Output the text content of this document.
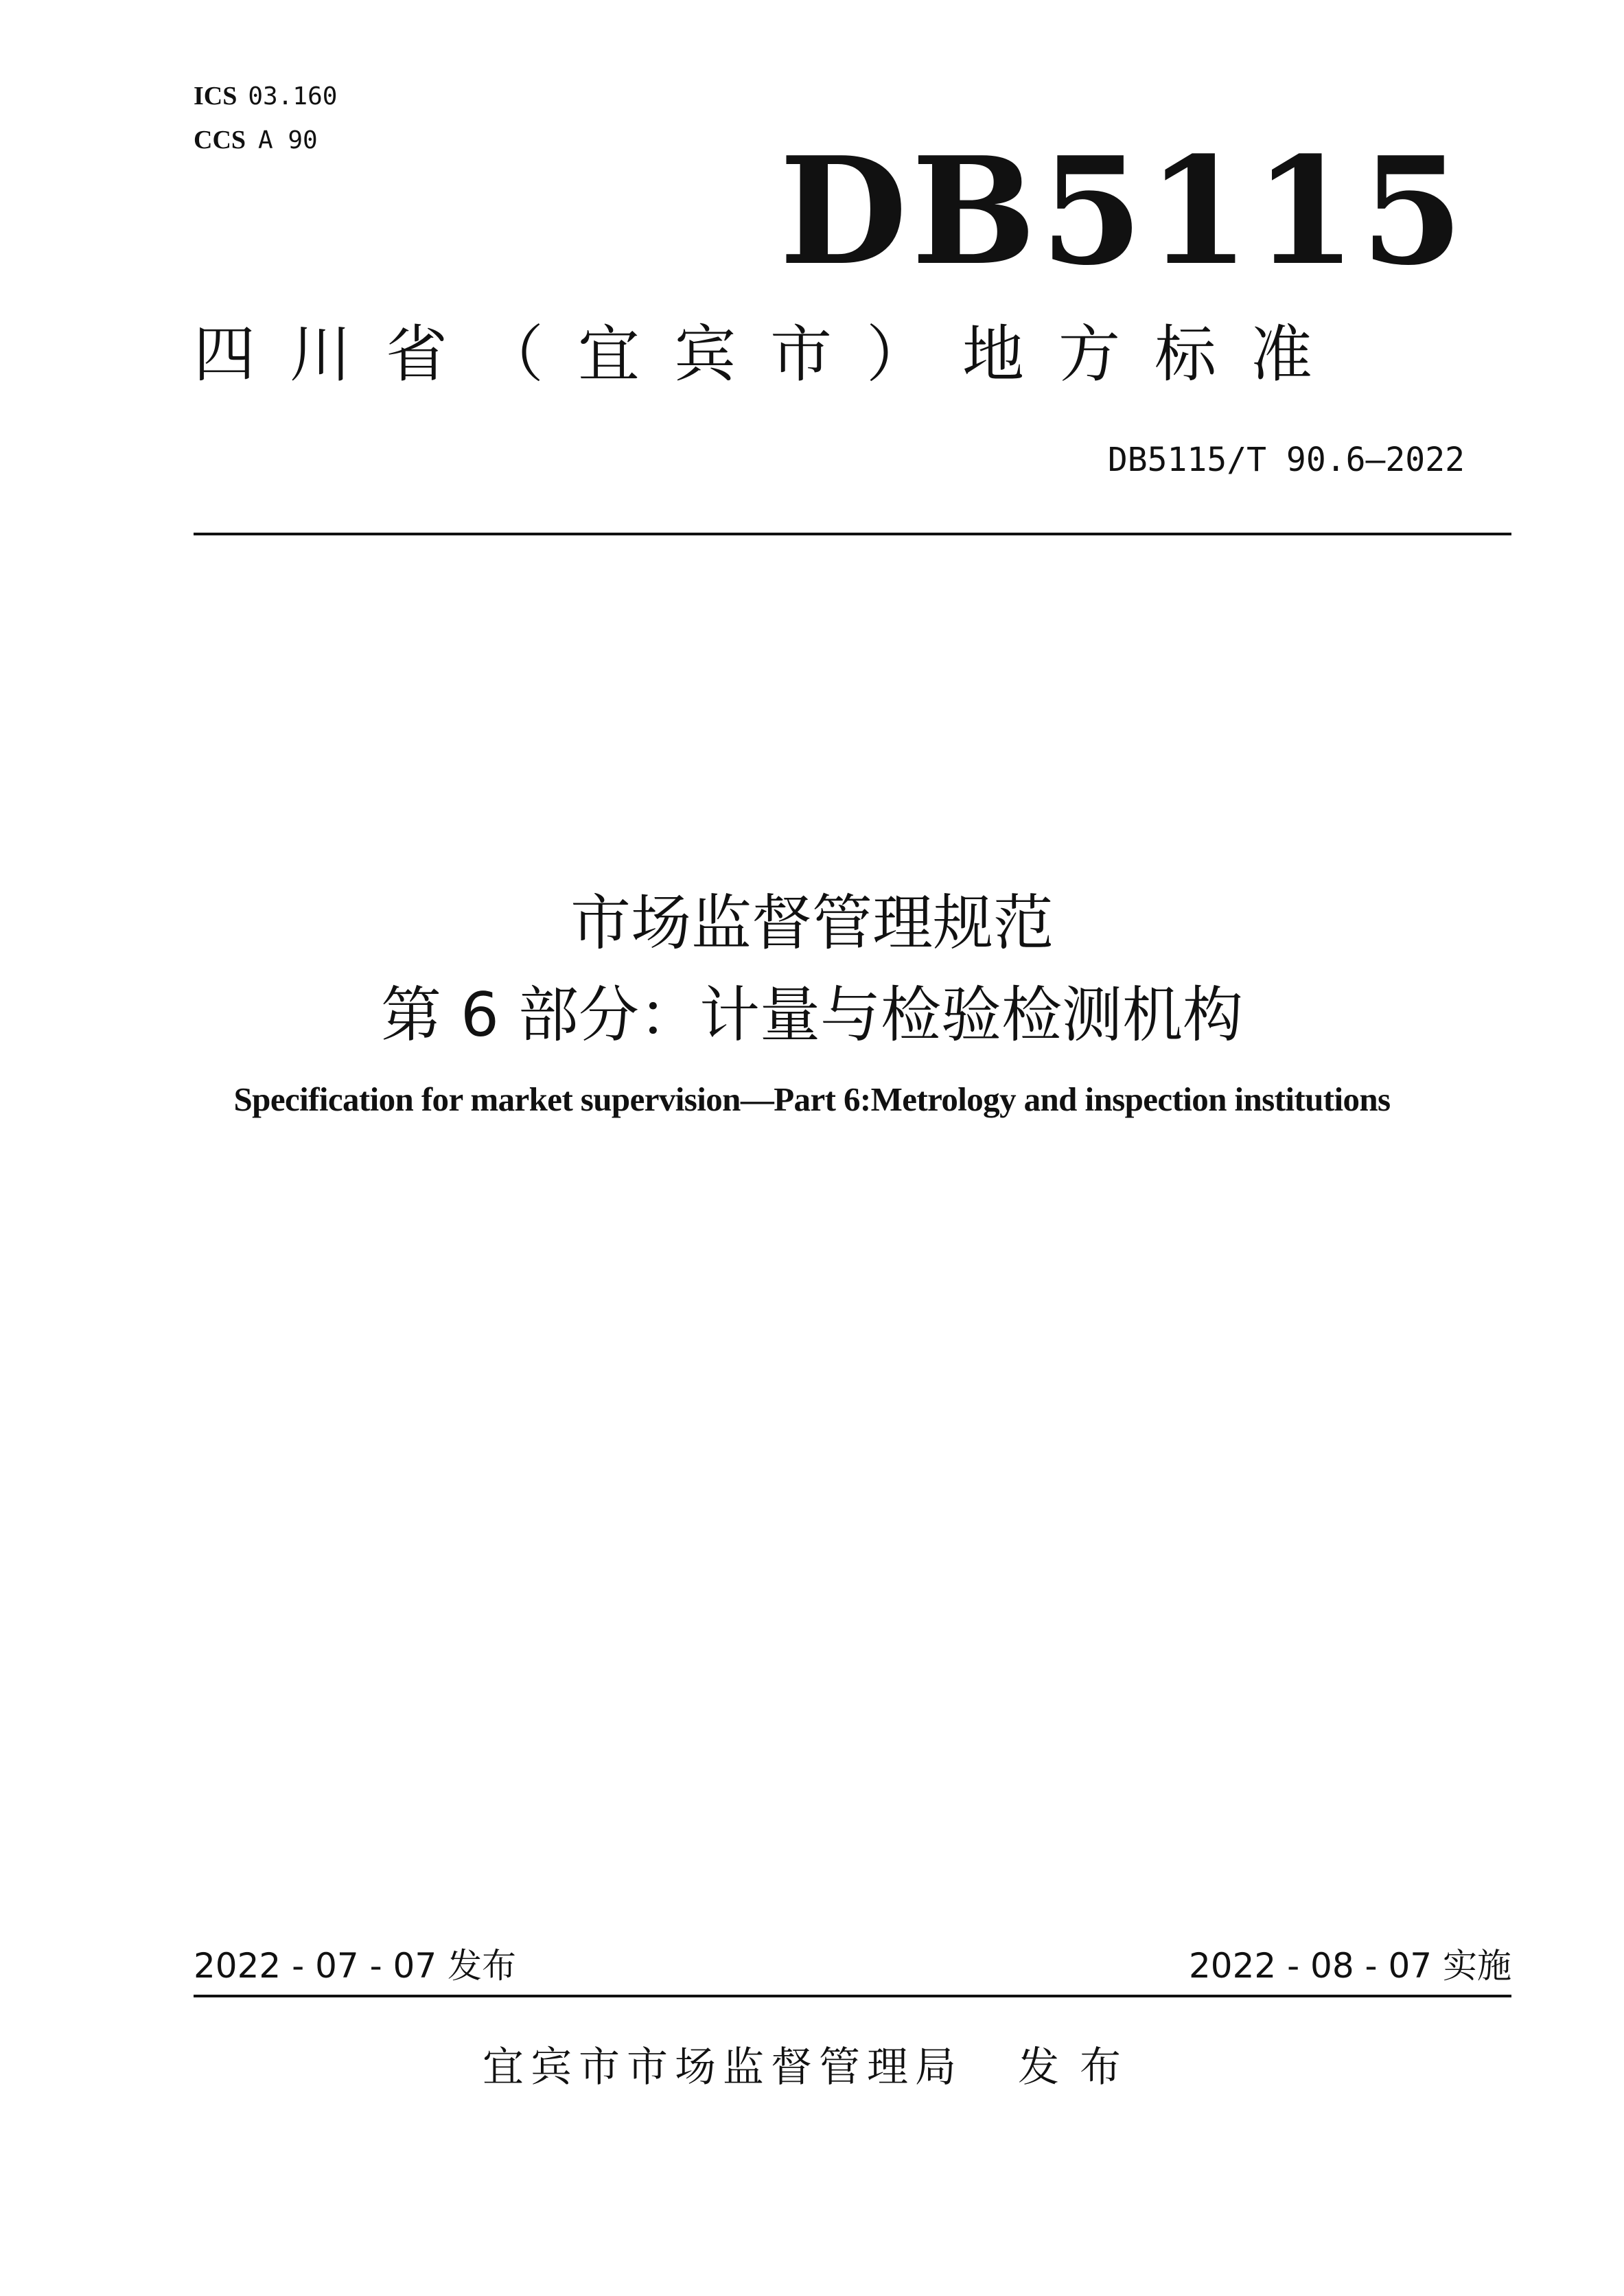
ICS 03.160
CCS A 90	DB5115
四川省（宜宾市）地方标准
DB5115/T 90.6—2022
市场监督管理规范
第 6 部分：计量与检验检测机构
Specification for market supervision—Part 6:Metrology and inspection institutions
2022 - 07 - 07 发布	2022 - 08 - 07 实施
宜宾市市场监督管理局 发布
